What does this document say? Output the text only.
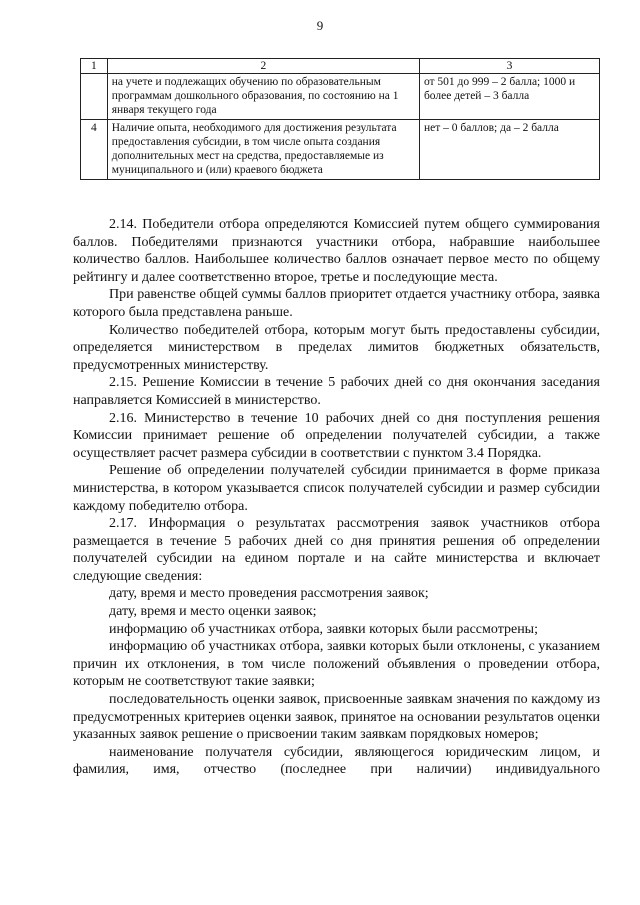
9
1	2	3
	на учете и подлежащих обучению по образовательным программам дошкольного образования, по состоянию на 1 января текущего года	от 501 до 999 – 2 балла; 1000 и более детей – 3 балла
4	Наличие опыта, необходимого для достижения результата предоставления субсидии, в том числе опыта создания дополнительных мест на средства, предоставляемые из муниципального и (или) краевого бюджета	нет – 0 баллов; да – 2 балла

2.14. Победители отбора определяются Комиссией путем общего суммирования баллов. Победителями признаются участники отбора, набравшие наибольшее количество баллов. Наибольшее количество баллов означает первое место по общему рейтингу и далее соответственно второе, третье и последующие места.

При равенстве общей суммы баллов приоритет отдается участнику отбора, заявка которого была представлена раньше.

Количество победителей отбора, которым могут быть предоставлены субсидии, определяется министерством в пределах лимитов бюджетных обязательств, предусмотренных министерству.

2.15. Решение Комиссии в течение 5 рабочих дней со дня окончания заседания направляется Комиссией в министерство.

2.16. Министерство в течение 10 рабочих дней со дня поступления решения Комиссии принимает решение об определении получателей субсидии, а также осуществляет расчет размера субсидии в соответствии с пунктом 3.4 Порядка.

Решение об определении получателей субсидии принимается в форме приказа министерства, в котором указывается список получателей субсидии и размер субсидии каждому победителю отбора.

2.17. Информация о результатах рассмотрения заявок участников отбора размещается в течение 5 рабочих дней со дня принятия решения об определении получателей субсидии на едином портале и на сайте министерства и включает следующие сведения:

дату, время и место проведения рассмотрения заявок;

дату, время и место оценки заявок;

информацию об участниках отбора, заявки которых были рассмотрены;

информацию об участниках отбора, заявки которых были отклонены, с указанием причин их отклонения, в том числе положений объявления о проведении отбора, которым не соответствуют такие заявки;

последовательность оценки заявок, присвоенные заявкам значения по каждому из предусмотренных критериев оценки заявок, принятое на основании результатов оценки указанных заявок решение о присвоении таким заявкам порядковых номеров;

наименование получателя субсидии, являющегося юридическим лицом, и фамилия, имя, отчество (последнее при наличии) индивидуального
